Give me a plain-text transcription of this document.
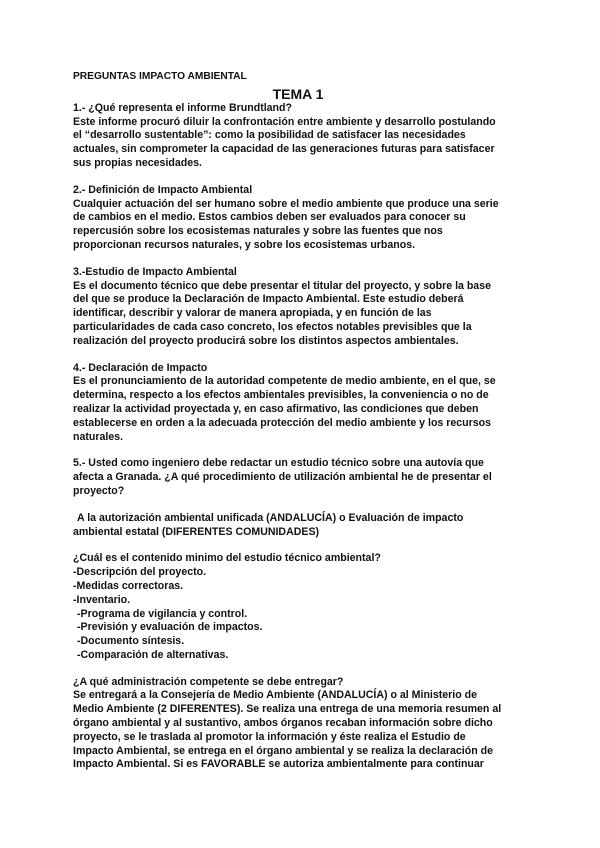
PREGUNTAS IMPACTO AMBIENTAL

TEMA 1

1.- ¿Qué representa el informe Brundtland?

Este informe procuró diluir la confrontación entre ambiente y desarrollo postulando

el “desarrollo sustentable”: como la posibilidad de satisfacer las necesidades

actuales, sin comprometer la capacidad de las generaciones futuras para satisfacer

sus propias necesidades.

2.- Definición de Impacto Ambiental

Cualquier actuación del ser humano sobre el medio ambiente que produce una serie

de cambios en el medio. Estos cambios deben ser evaluados para conocer su

repercusión sobre los ecosistemas naturales y sobre las fuentes que nos

proporcionan recursos naturales, y sobre los ecosistemas urbanos.

3.-Estudio de Impacto Ambiental

Es el documento técnico que debe presentar el titular del proyecto, y sobre la base

del que se produce la Declaración de Impacto Ambiental. Este estudio deberá

identificar, describir y valorar de manera apropiada, y en función de las

particularidades de cada caso concreto, los efectos notables previsibles que la

realización del proyecto producirá sobre los distintos aspectos ambientales.

4.- Declaración de Impacto

Es el pronunciamiento de la autoridad competente de medio ambiente, en el que, se

determina, respecto a los efectos ambientales previsibles, la conveniencia o no de

realizar la actividad proyectada y, en caso afirmativo, las condiciones que deben

establecerse en orden a la adecuada protección del medio ambiente y los recursos

naturales.

5.- Usted como ingeniero debe redactar un estudio técnico sobre una autovía que

afecta a Granada. ¿A qué procedimiento de utilización ambiental he de presentar el

proyecto?

A la autorización ambiental unificada (ANDALUCÍA) o Evaluación de impacto

ambiental estatal (DIFERENTES COMUNIDADES)

¿Cuál es el contenido minimo del estudio técnico ambiental?

-Descripción del proyecto.
-Medidas correctoras.
-Inventario.
-Programa de vigilancia y control.
-Previsión y evaluación de impactos.
-Documento síntesis.
-Comparación de alternativas.

¿A qué administración competente se debe entregar?

Se entregará a la Consejería de Medio Ambiente (ANDALUCÍA) o al Ministerio de

Medio Ambiente (2 DIFERENTES). Se realiza una entrega de una memoria resumen al

órgano ambiental y al sustantivo, ambos órganos recaban información sobre dicho

proyecto, se le traslada al promotor la información y éste realiza el Estudio de

Impacto Ambiental, se entrega en el órgano ambiental y se realiza la declaración de

Impacto Ambiental. Si es FAVORABLE se autoriza ambientalmente para continuar
